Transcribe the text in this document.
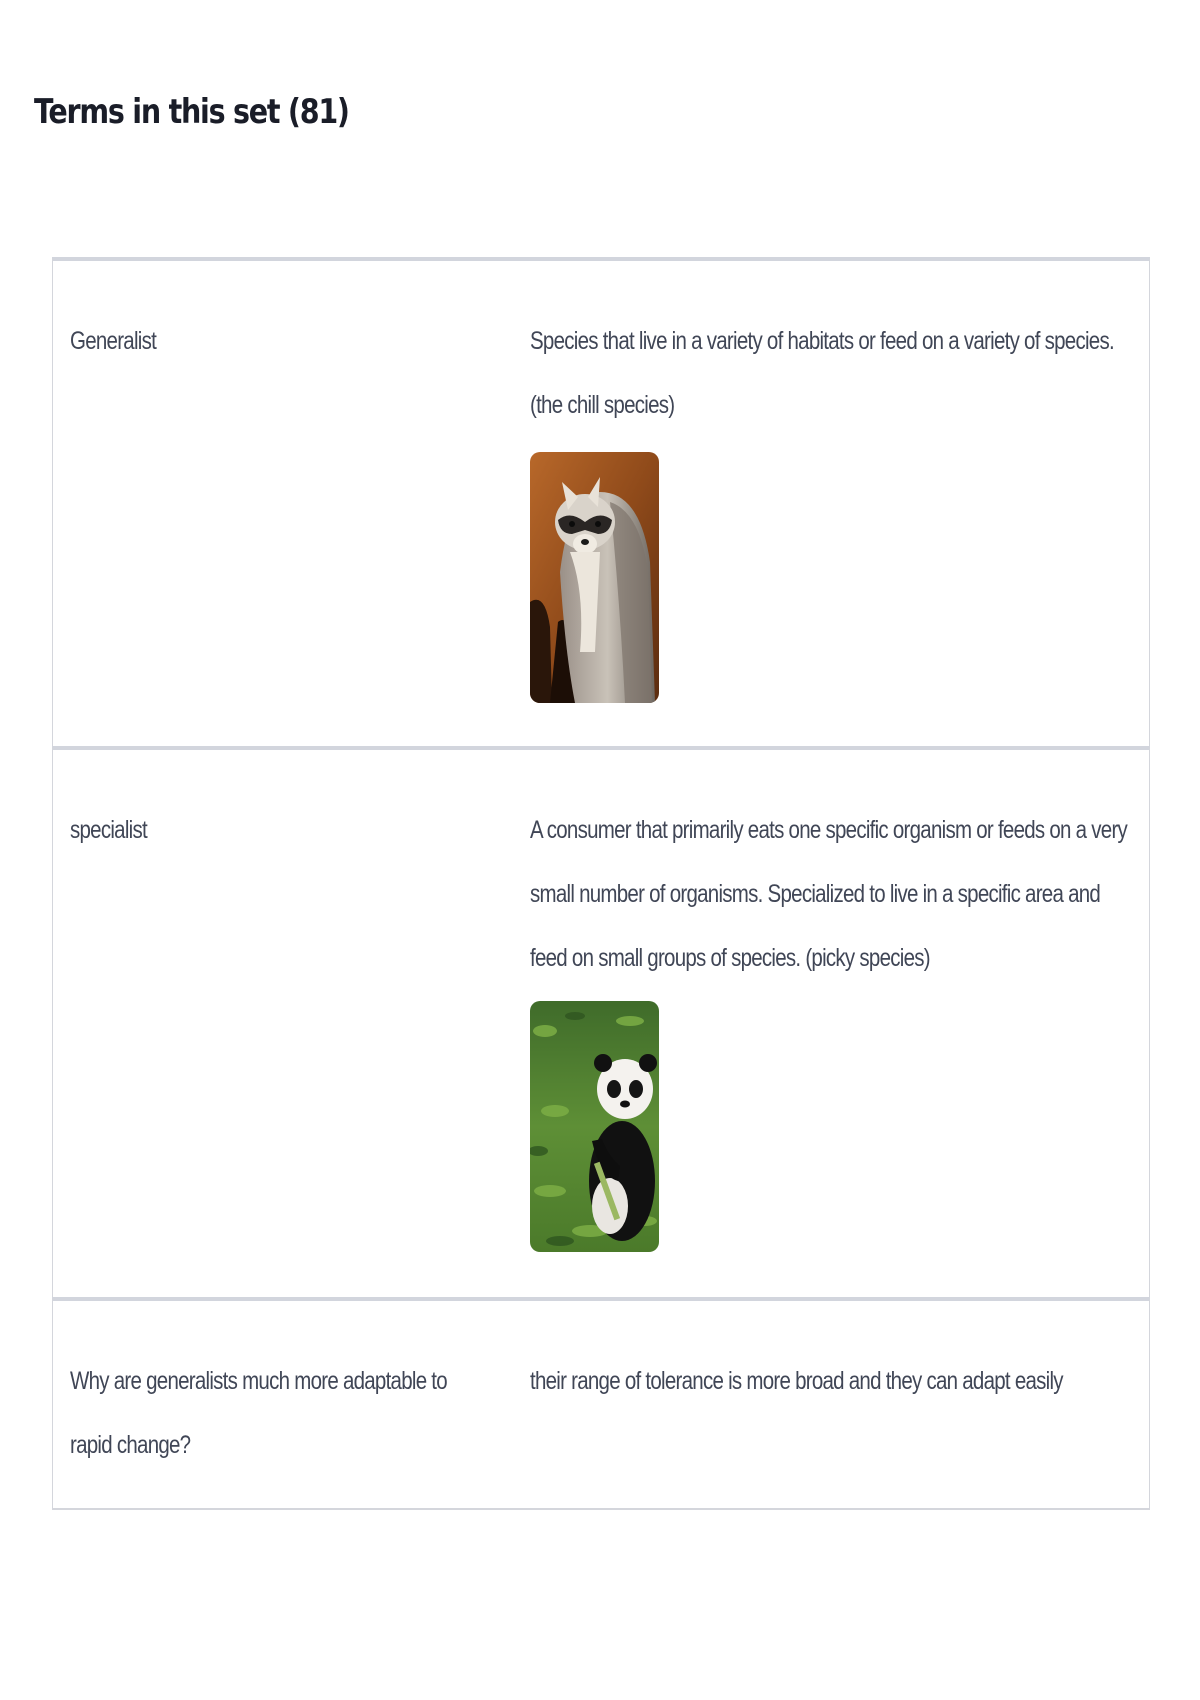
Terms in this set (81)
Generalist	Species that live in a variety of habitats or feed on a variety of species. (the chill species)
specialist	A consumer that primarily eats one specific organism or feeds on a very small number of organisms. Specialized to live in a specific area and feed on small groups of species. (picky species)
Why are generalists much more adaptable to rapid change?
their range of tolerance is more broad and they can adapt easily
